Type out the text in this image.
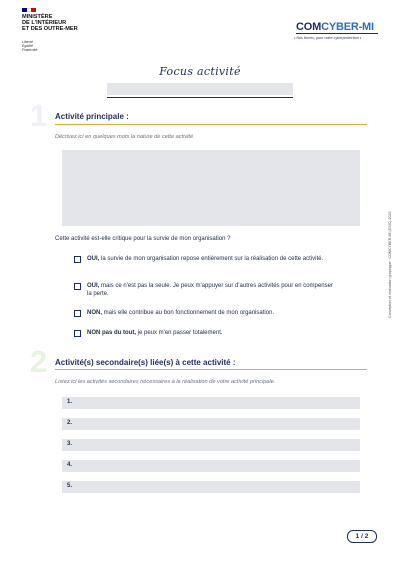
MINISTÈRE
DE L'INTÉRIEUR
ET DES OUTRE-MER
Liberté
Égalité
Fraternité
COMCYBER-MI
• Nos forces, pour votre cyberprotection •
Focus activité
1 Activité principale :
Décrivez ici en quelques mots la nature de cette activité
Cette activité est-elle critique pour la survie de mon organisation ?
OUI, la survie de mon organisation repose entièrement sur la réalisation de cette activité.
OUI, mais ce n'est pas la seule. Je peux m'appuyer sur d'autres activités pour en compenser la perte.
NON, mais elle contribue au bon fonctionnement de mon organisation.
NON pas du tout, je peux m'en passer totalement.
2 Activité(s) secondaire(s) liée(s) à cette activité :
Listez ici les activités secondaires nécessaires à la réalisation de votre activité principale.
1.
2.
3.
4.
5.
1 / 2
Conception et réalisation graphique : COMCYBER-MI (DSIC) 2023
